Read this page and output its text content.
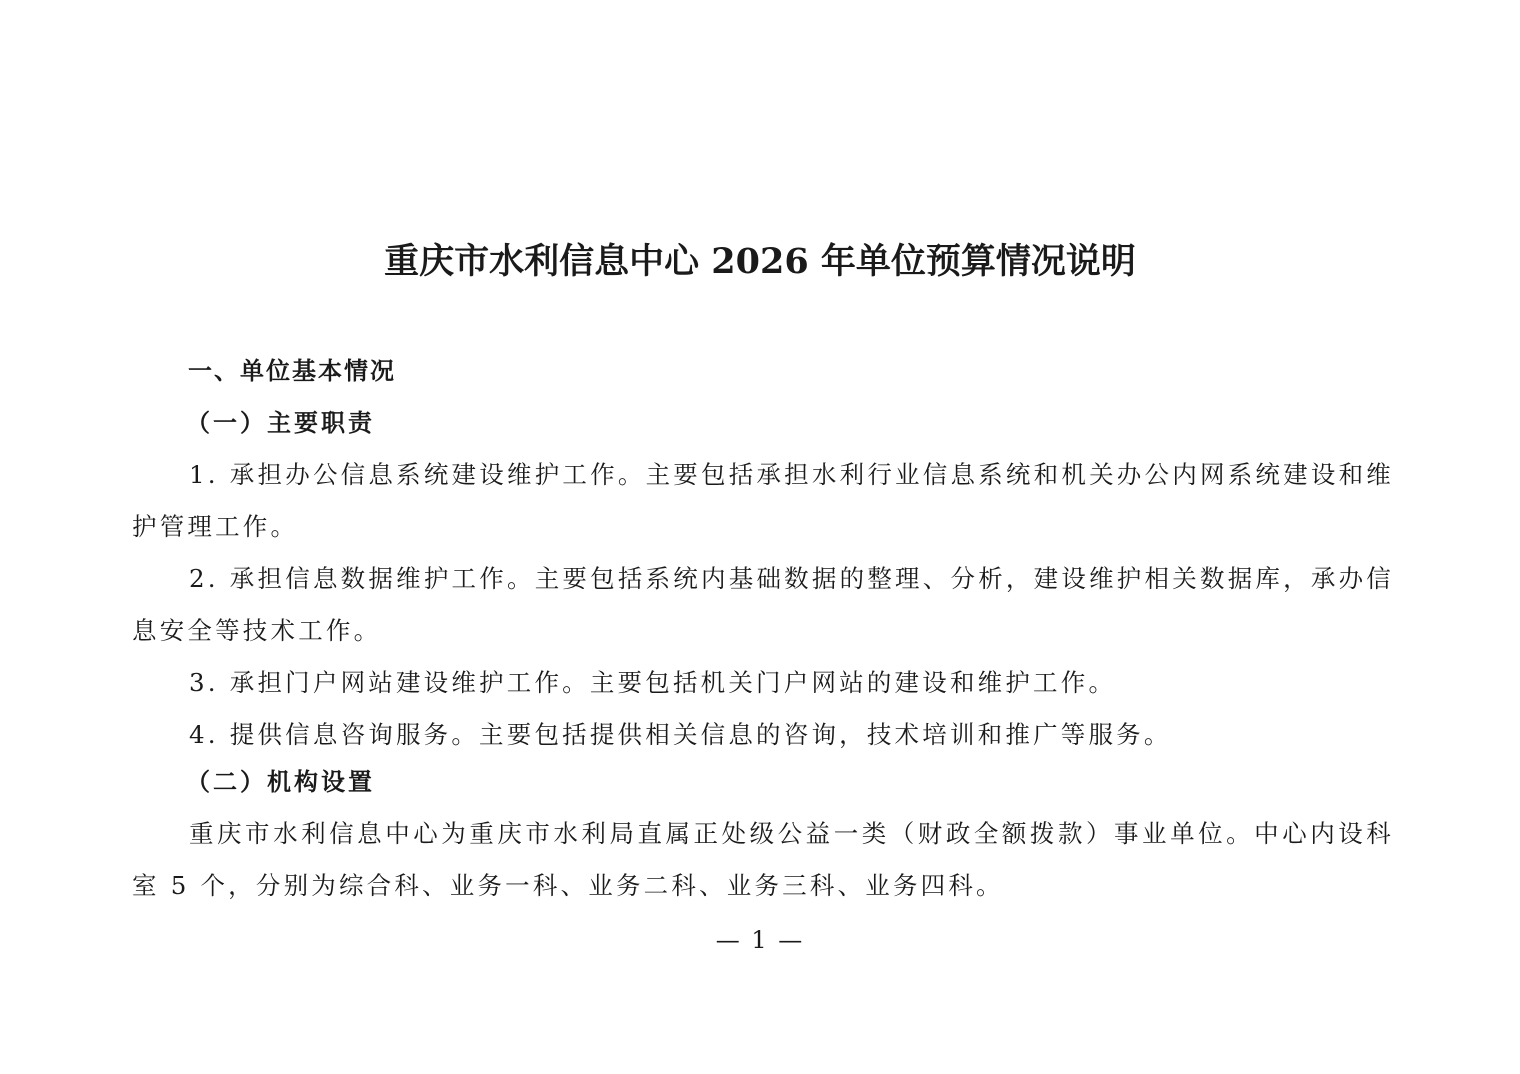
重庆市水利信息中心 2026 年单位预算情况说明
一、单位基本情况
（一）主要职责

1. 承担办公信息系统建设维护工作。主要包括承担水利行业信息系统和机关办公内网系统建设和维护管理工作。

2. 承担信息数据维护工作。主要包括系统内基础数据的整理、分析，建设维护相关数据库，承办信息安全等技术工作。

3. 承担门户网站建设维护工作。主要包括机关门户网站的建设和维护工作。

4. 提供信息咨询服务。主要包括提供相关信息的咨询，技术培训和推广等服务。

（二）机构设置

重庆市水利信息中心为重庆市水利局直属正处级公益一类（财政全额拨款）事业单位。中心内设科室 5 个，分别为综合科、业务一科、业务二科、业务三科、业务四科。

— 1 —
